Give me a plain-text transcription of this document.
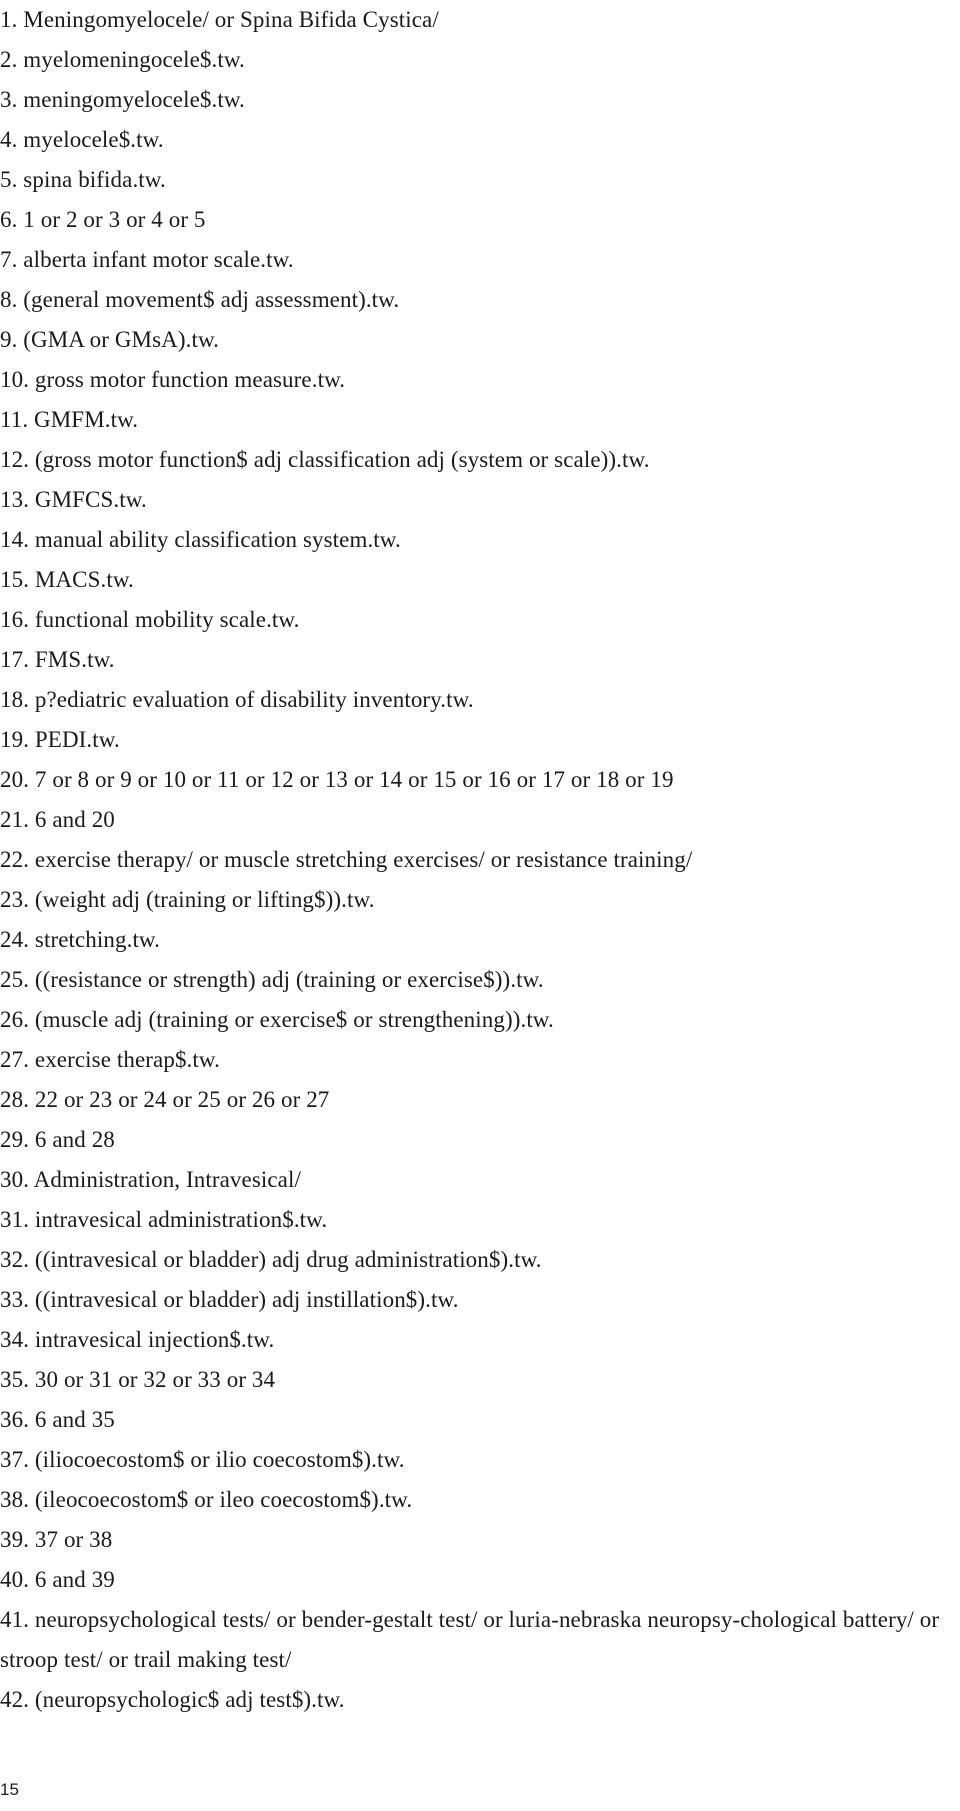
1. Meningomyelocele/ or Spina Bifida Cystica/
2. myelomeningocele$.tw.
3. meningomyelocele$.tw.
4. myelocele$.tw.
5. spina bifida.tw.
6. 1 or 2 or 3 or 4 or 5
7. alberta infant motor scale.tw.
8. (general movement$ adj assessment).tw.
9. (GMA or GMsA).tw.
10. gross motor function measure.tw.
11. GMFM.tw.
12. (gross motor function$ adj classification adj (system or scale)).tw.
13. GMFCS.tw.
14. manual ability classification system.tw.
15. MACS.tw.
16. functional mobility scale.tw.
17. FMS.tw.
18. p?ediatric evaluation of disability inventory.tw.
19. PEDI.tw.
20. 7 or 8 or 9 or 10 or 11 or 12 or 13 or 14 or 15 or 16 or 17 or 18 or 19
21. 6 and 20
22. exercise therapy/ or muscle stretching exercises/ or resistance training/
23. (weight adj (training or lifting$)).tw.
24. stretching.tw.
25. ((resistance or strength) adj (training or exercise$)).tw.
26. (muscle adj (training or exercise$ or strengthening)).tw.
27. exercise therap$.tw.
28. 22 or 23 or 24 or 25 or 26 or 27
29. 6 and 28
30. Administration, Intravesical/
31. intravesical administration$.tw.
32. ((intravesical or bladder) adj drug administration$).tw.
33. ((intravesical or bladder) adj instillation$).tw.
34. intravesical injection$.tw.
35. 30 or 31 or 32 or 33 or 34
36. 6 and 35
37. (iliocoecostom$ or ilio coecostom$).tw.
38. (ileocoecostom$ or ileo coecostom$).tw.
39. 37 or 38
40. 6 and 39
41. neuropsychological tests/ or bender-gestalt test/ or luria-nebraska neuropsy-chological battery/ or stroop test/ or trail making test/
42. (neuropsychologic$ adj test$).tw.
15
